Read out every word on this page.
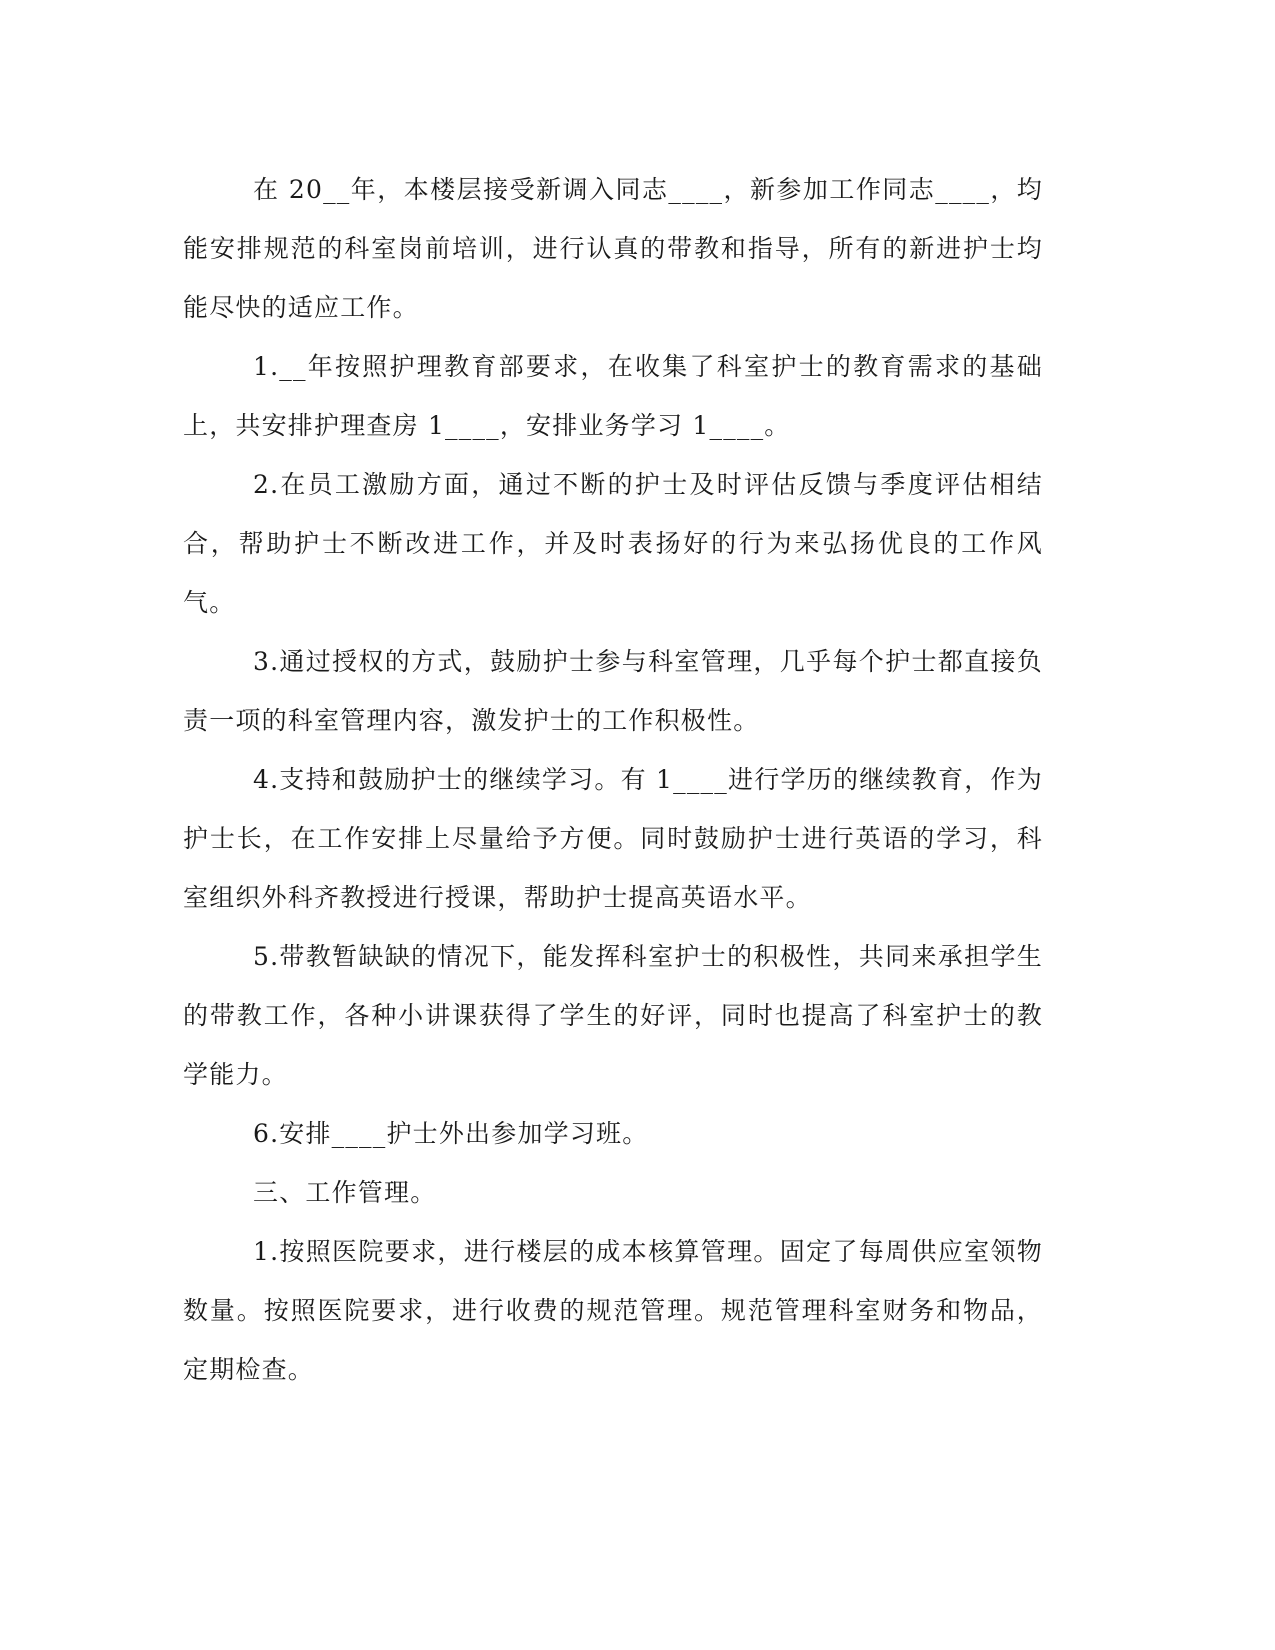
在 20__年，本楼层接受新调入同志____，新参加工作同志____，均能安排规范的科室岗前培训，进行认真的带教和指导，所有的新进护士均能尽快的适应工作。

1.__年按照护理教育部要求，在收集了科室护士的教育需求的基础上，共安排护理查房 1____，安排业务学习 1____。

2.在员工激励方面，通过不断的护士及时评估反馈与季度评估相结合，帮助护士不断改进工作，并及时表扬好的行为来弘扬优良的工作风气。

3.通过授权的方式，鼓励护士参与科室管理，几乎每个护士都直接负责一项的科室管理内容，激发护士的工作积极性。

4.支持和鼓励护士的继续学习。有 1____进行学历的继续教育，作为护士长，在工作安排上尽量给予方便。同时鼓励护士进行英语的学习，科室组织外科齐教授进行授课，帮助护士提高英语水平。

5.带教暂缺缺的情况下，能发挥科室护士的积极性，共同来承担学生的带教工作，各种小讲课获得了学生的好评，同时也提高了科室护士的教学能力。

6.安排____护士外出参加学习班。

三、工作管理。

1.按照医院要求，进行楼层的成本核算管理。固定了每周供应室领物数量。按照医院要求，进行收费的规范管理。规范管理科室财务和物品，定期检查。
